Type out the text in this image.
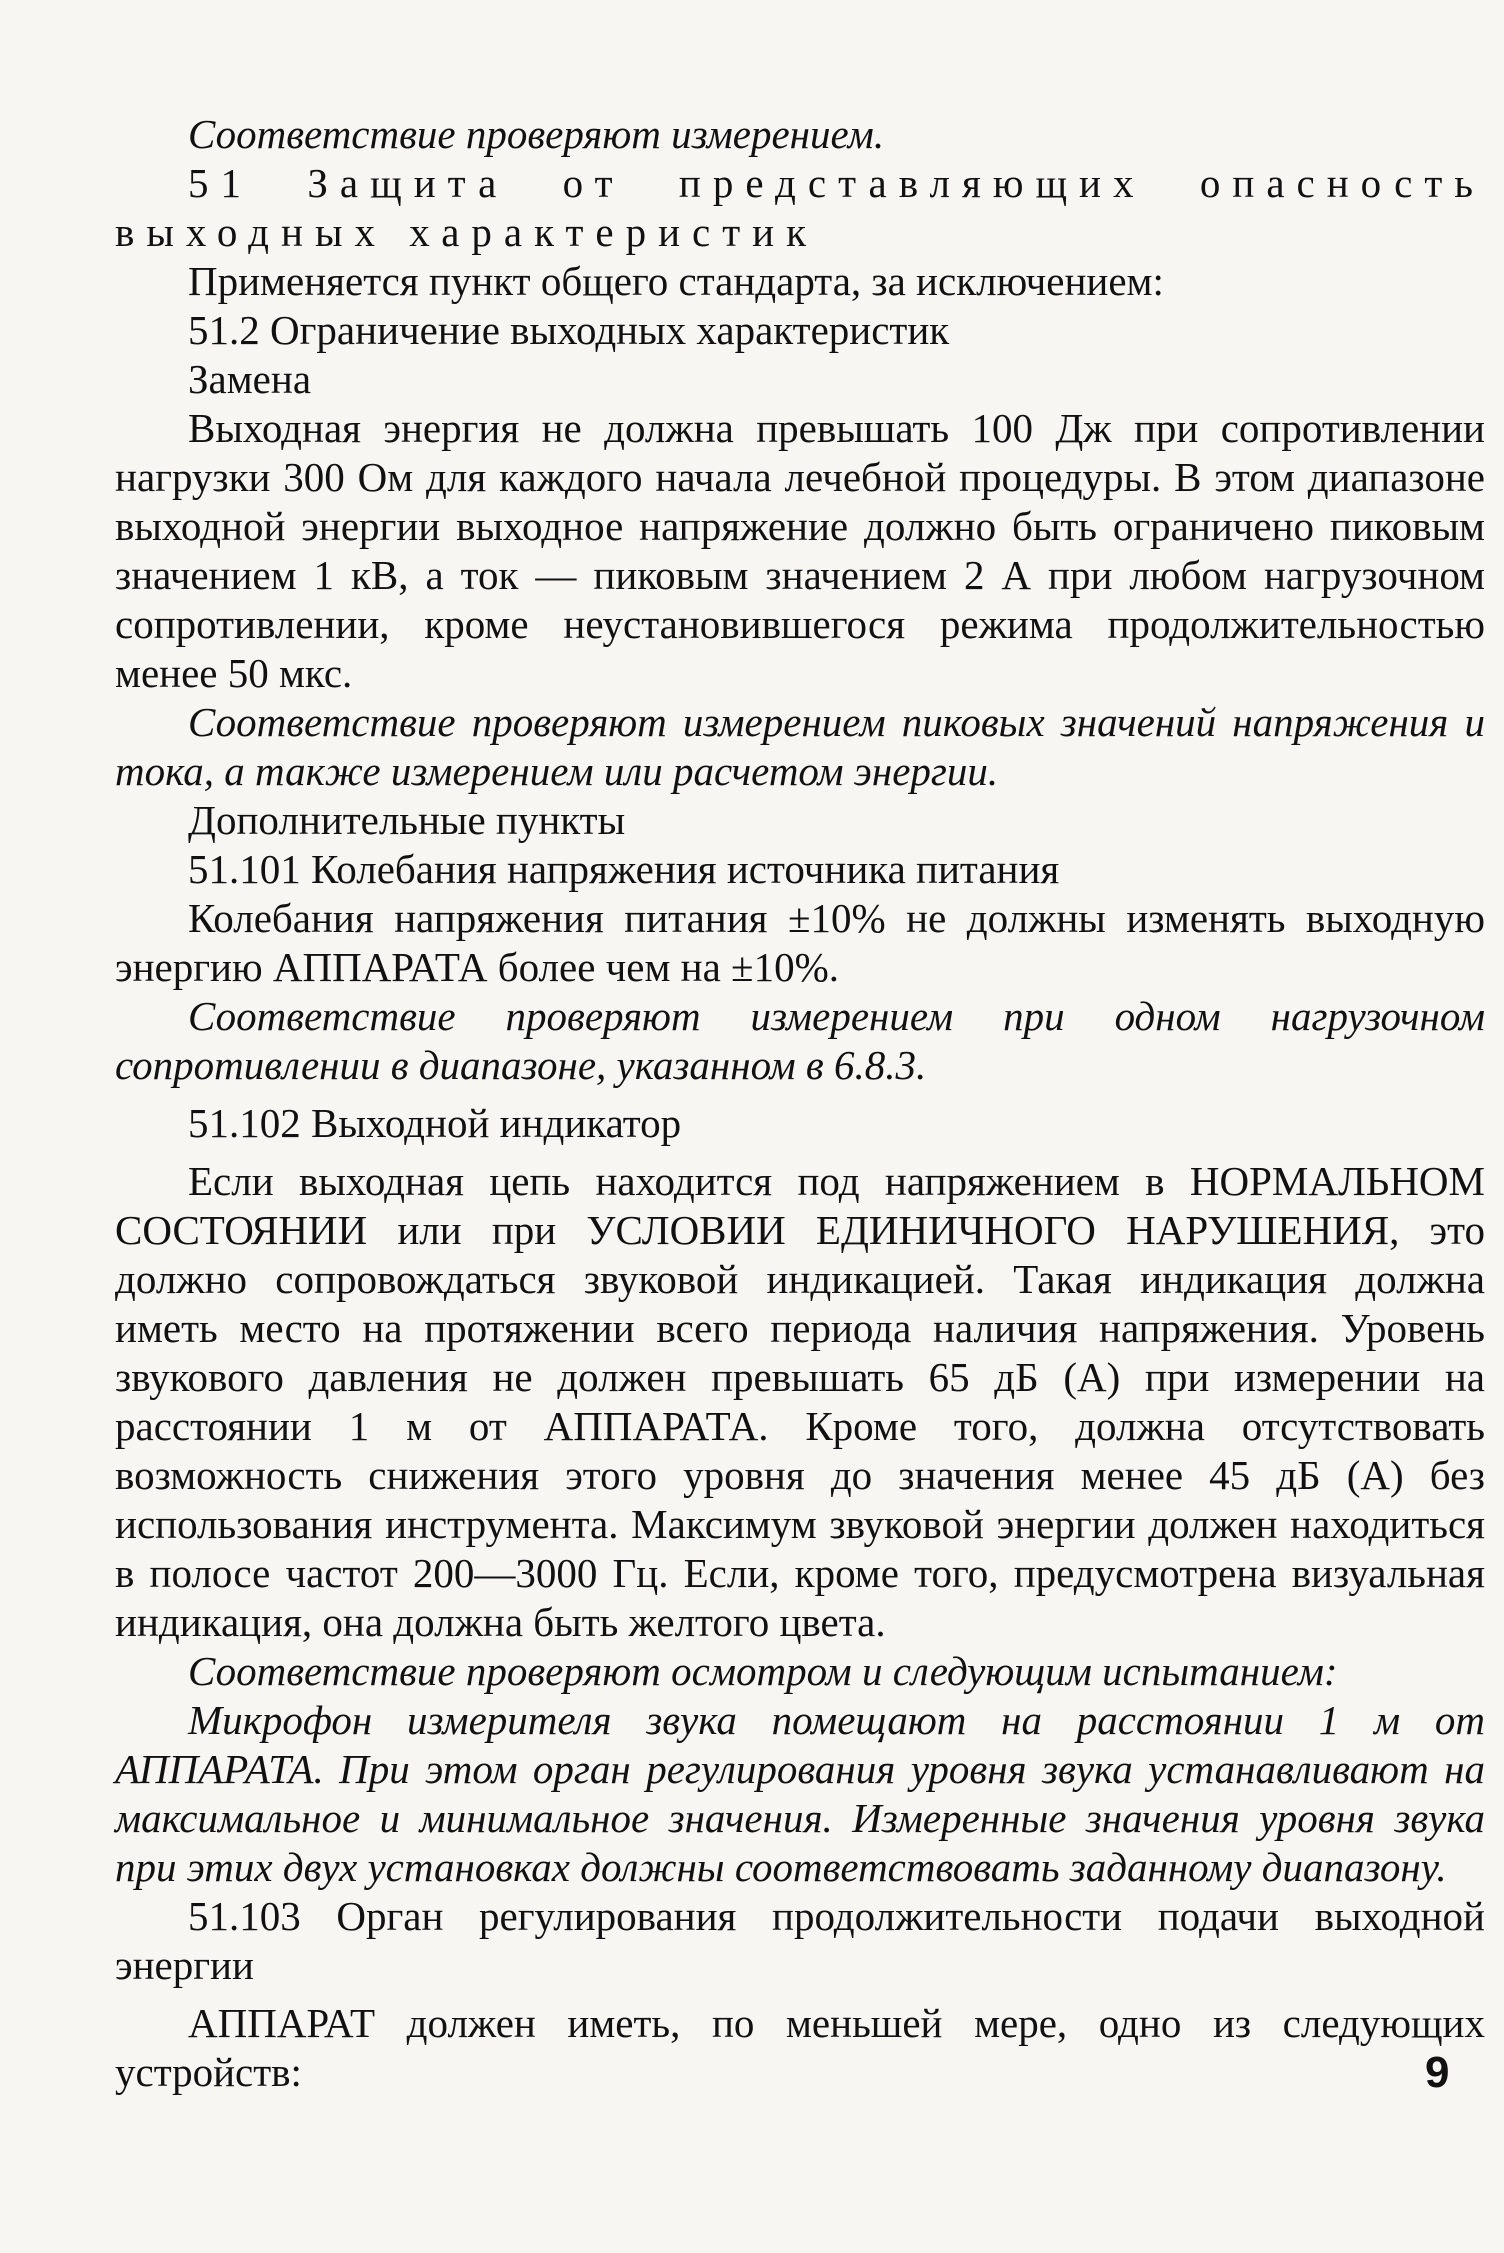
Соответствие проверяют измерением.

51 Защита от представляющих опасность выходных характеристик

Применяется пункт общего стандарта, за исключением:

51.2 Ограничение выходных характеристик

Замена

Выходная энергия не должна превышать 100 Дж при сопротивлении нагрузки 300 Ом для каждого начала лечебной процедуры. В этом диапазоне выходной энергии выходное напряжение должно быть ограничено пиковым значением 1 кВ, а ток — пиковым значением 2 А при любом нагрузочном сопротивлении, кроме неустановившегося режима продолжительностью менее 50 мкс.

Соответствие проверяют измерением пиковых значений напряжения и тока, а также измерением или расчетом энергии.

Дополнительные пункты

51.101 Колебания напряжения источника питания

Колебания напряжения питания ±10% не должны изменять выходную энергию АППАРАТА более чем на ±10%.

Соответствие проверяют измерением при одном нагрузочном сопротивлении в диапазоне, указанном в 6.8.3.

51.102 Выходной индикатор

Если выходная цепь находится под напряжением в НОРМАЛЬНОМ СОСТОЯНИИ или при УСЛОВИИ ЕДИНИЧНОГО НАРУШЕНИЯ, это должно сопровождаться звуковой индикацией. Такая индикация должна иметь место на протяжении всего периода наличия напряжения. Уровень звукового давления не должен превышать 65 дБ (А) при измерении на расстоянии 1 м от АППАРАТА. Кроме того, должна отсутствовать возможность снижения этого уровня до значения менее 45 дБ (А) без использования инструмента. Максимум звуковой энергии должен находиться в полосе частот 200—3000 Гц. Если, кроме того, предусмотрена визуальная индикация, она должна быть желтого цвета.

Соответствие проверяют осмотром и следующим испытанием:

Микрофон измерителя звука помещают на расстоянии 1 м от АППАРАТА. При этом орган регулирования уровня звука устанавливают на максимальное и минимальное значения. Измеренные значения уровня звука при этих двух установках должны соответствовать заданному диапазону.

51.103 Орган регулирования продолжительности подачи выходной энергии

АППАРАТ должен иметь, по меньшей мере, одно из следующих устройств:	9
